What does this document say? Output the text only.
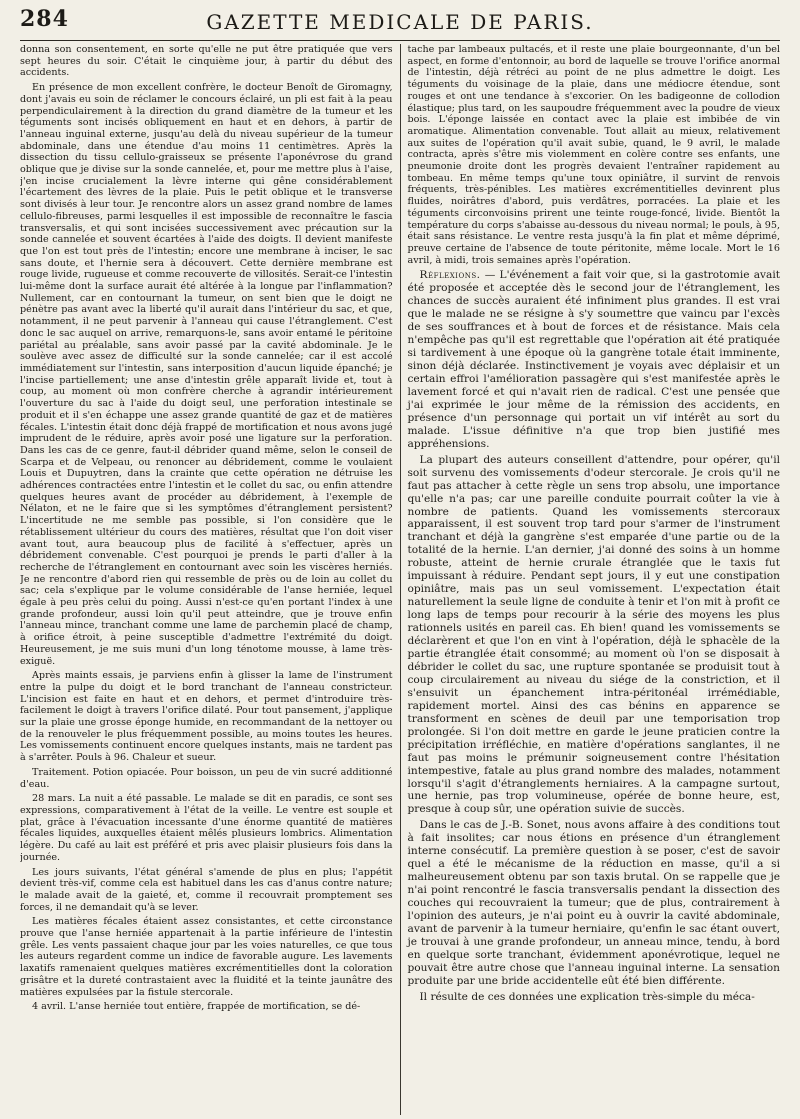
284	GAZETTE MEDICALE DE PARIS.

donna son consentement, en sorte qu'elle ne put être pratiquée que vers sept heures du soir. C'était le cinquième jour, à partir du début des accidents.

En présence de mon excellent confrère, le docteur Benoît de Giromagny, dont j'avais eu soin de réclamer le concours éclairé, un pli est fait à la peau perpendiculairement à la direction du grand diamètre de la tumeur et les téguments sont incisés obliquement en haut et en dehors, à partir de l'anneau inguinal externe, jusqu'au delà du niveau supérieur de la tumeur abdominale, dans une étendue d'au moins 11 centimètres. Après la dissection du tissu cellulo-graisseux se présente l'aponévrose du grand oblique que je divise sur la sonde cannelée, et, pour me mettre plus à l'aise, j'en incise crucialement la lèvre interne qui gêne considérablement l'écartement des lèvres de la plaie. Puis le petit oblique et le transverse sont divisés à leur tour. Je rencontre alors un assez grand nombre de lames cellulo-fibreuses, parmi lesquelles il est impossible de reconnaître le fascia transversalis, et qui sont incisées successivement avec précaution sur la sonde cannelée et souvent écartées à l'aide des doigts. Il devient manifeste que l'on est tout près de l'intestin; encore une membrane à inciser, le sac sans doute, et l'hernie sera à découvert. Cette dernière membrane est rouge livide, rugueuse et comme recouverte de villosités. Serait-ce l'intestin lui-même dont la surface aurait été altérée à la longue par l'inflammation? Nullement, car en contournant la tumeur, on sent bien que le doigt ne pénètre pas avant avec la liberté qu'il aurait dans l'intérieur du sac, et que, notamment, il ne peut parvenir à l'anneau qui cause l'étranglement. C'est donc le sac auquel on arrive, remarquons-le, sans avoir entamé le péritoine pariétal au préalable, sans avoir passé par la cavité abdominale. Je le soulève avec assez de difficulté sur la sonde cannelée; car il est accolé immédiatement sur l'intestin, sans interposition d'aucun liquide épanché; je l'incise partiellement; une anse d'intestin grêle apparaît livide et, tout à coup, au moment où mon confrère cherche à agrandir intérieurement l'ouverture du sac à l'aide du doigt seul, une perforation intestinale se produit et il s'en échappe une assez grande quantité de gaz et de matières fécales. L'intestin était donc déjà frappé de mortification et nous avons jugé imprudent de le réduire, après avoir posé une ligature sur la perforation. Dans les cas de ce genre, faut-il débrider quand même, selon le conseil de Scarpa et de Velpeau, ou renoncer au débridement, comme le voulaient Louis et Dupuytren, dans la crainte que cette opération ne détruise les adhérences contractées entre l'intestin et le collet du sac, ou enfin attendre quelques heures avant de procéder au débridement, à l'exemple de Nélaton, et ne le faire que si les symptômes d'étranglement persistent? L'incertitude ne me semble pas possible, si l'on considère que le rétablissement ultérieur du cours des matières, résultat que l'on doit viser avant tout, aura beaucoup plus de facilité à s'effectuer, après un débridement convenable. C'est pourquoi je prends le parti d'aller à la recherche de l'étranglement en contournant avec soin les viscères herniés. Je ne rencontre d'abord rien qui ressemble de près ou de loin au collet du sac; cela s'explique par le volume considérable de l'anse herniée, lequel égale à peu près celui du poing. Aussi n'est-ce qu'en portant l'index à une grande profondeur, aussi loin qu'il peut atteindre, que je trouve enfin l'anneau mince, tranchant comme une lame de parchemin placé de champ, à orifice étroit, à peine susceptible d'admettre l'extrémité du doigt. Heureusement, je me suis muni d'un long ténotome mousse, à lame très-exiguë.

Après maints essais, je parviens enfin à glisser la lame de l'instrument entre la pulpe du doigt et le bord tranchant de l'anneau constricteur. L'incision est faite en haut et en dehors, et permet d'introduire très-facilement le doigt à travers l'orifice dilaté. Pour tout pansement, j'applique sur la plaie une grosse éponge humide, en recommandant de la nettoyer ou de la renouveler le plus fréquemment possible, au moins toutes les heures. Les vomissements continuent encore quelques instants, mais ne tardent pas à s'arrêter. Pouls à 96. Chaleur et sueur.

Traitement. Potion opiacée. Pour boisson, un peu de vin sucré additionné d'eau.

28 mars. La nuit a été passable. Le malade se dit en paradis, ce sont ses expressions, comparativement à l'état de la veille. Le ventre est souple et plat, grâce à l'évacuation incessante d'une énorme quantité de matières fécales liquides, auxquelles étaient mêlés plusieurs lombrics. Alimentation légère. Du café au lait est préféré et pris avec plaisir plusieurs fois dans la journée.

Les jours suivants, l'état général s'amende de plus en plus; l'appétit devient très-vif, comme cela est habituel dans les cas d'anus contre nature; le malade avait de la gaieté, et, comme il recouvrait promptement ses forces, il ne demandait qu'à se lever.

Les matières fécales étaient assez consistantes, et cette circonstance prouve que l'anse herniée appartenait à la partie inférieure de l'intestin grêle. Les vents passaient chaque jour par les voies naturelles, ce que tous les auteurs regardent comme un indice de favorable augure. Les lavements laxatifs ramenaient quelques matières excrémentitielles dont la coloration grisâtre et la dureté contrastaient avec la fluidité et la teinte jaunâtre des matières expulsées par la fistule stercorale.

4 avril. L'anse herniée tout entière, frappée de mortification, se dé-

tache par lambeaux pultacés, et il reste une plaie bourgeonnante, d'un bel aspect, en forme d'entonnoir, au bord de laquelle se trouve l'orifice anormal de l'intestin, déjà rétréci au point de ne plus admettre le doigt. Les téguments du voisinage de la plaie, dans une médiocre étendue, sont rouges et ont une tendance à s'excorier. On les badigeonne de collodion élastique; plus tard, on les saupoudre fréquemment avec la poudre de vieux bois. L'éponge laissée en contact avec la plaie est imbibée de vin aromatique. Alimentation convenable. Tout allait au mieux, relativement aux suites de l'opération qu'il avait subie, quand, le 9 avril, le malade contracta, après s'être mis violemment en colère contre ses enfants, une pneumonie droite dont les progrès devaient l'entraîner rapidement au tombeau. En même temps qu'une toux opiniâtre, il survint de renvois fréquents, très-pénibles. Les matières excrémentitielles devinrent plus fluides, noirâtres d'abord, puis verdâtres, porracées. La plaie et les téguments circonvoisins prirent une teinte rouge-foncé, livide. Bientôt la température du corps s'abaisse au-dessous du niveau normal; le pouls, à 95, était sans résistance. Le ventre resta jusqu'à la fin plat et même déprimé, preuve certaine de l'absence de toute péritonite, même locale. Mort le 16 avril, à midi, trois semaines après l'opération.

Réflexions. — L'événement a fait voir que, si la gastrotomie avait été proposée et acceptée dès le second jour de l'étranglement, les chances de succès auraient été infiniment plus grandes. Il est vrai que le malade ne se résigne à s'y soumettre que vaincu par l'excès de ses souffrances et à bout de forces et de résistance. Mais cela n'empêche pas qu'il est regrettable que l'opération ait été pratiquée si tardivement à une époque où la gangrène totale était imminente, sinon déjà déclarée. Instinctivement je voyais avec déplaisir et un certain effroi l'amélioration passagère qui s'est manifestée après le lavement forcé et qui n'avait rien de radical. C'est une pensée que j'ai exprimée le jour même de la rémission des accidents, en présence d'un personnage qui portait un vif intérêt au sort du malade. L'issue définitive n'a que trop bien justifié mes appréhensions.

La plupart des auteurs conseillent d'attendre, pour opérer, qu'il soit survenu des vomissements d'odeur stercorale. Je crois qu'il ne faut pas attacher à cette règle un sens trop absolu, une importance qu'elle n'a pas; car une pareille conduite pourrait coûter la vie à nombre de patients. Quand les vomissements stercoraux apparaissent, il est souvent trop tard pour s'armer de l'instrument tranchant et déjà la gangrène s'est emparée d'une partie ou de la totalité de la hernie. L'an dernier, j'ai donné des soins à un homme robuste, atteint de hernie crurale étranglée que le taxis fut impuissant à réduire. Pendant sept jours, il y eut une constipation opiniâtre, mais pas un seul vomissement. L'expectation était naturellement la seule ligne de conduite à tenir et l'on mit à profit ce long laps de temps pour recourir à la série des moyens les plus rationnels usités en pareil cas. Eh bien! quand les vomissements se déclarèrent et que l'on en vint à l'opération, déjà le sphacèle de la partie étranglée était consommé; au moment où l'on se disposait à débrider le collet du sac, une rupture spontanée se produisit tout à coup circulairement au niveau du siége de la constriction, et il s'ensuivit un épanchement intra-péritonéal irrémédiable, rapidement mortel. Ainsi des cas bénins en apparence se transforment en scènes de deuil par une temporisation trop prolongée. Si l'on doit mettre en garde le jeune praticien contre la précipitation irréfléchie, en matière d'opérations sanglantes, il ne faut pas moins le prémunir soigneusement contre l'hésitation intempestive, fatale au plus grand nombre des malades, notamment lorsqu'il s'agit d'étranglements herniaires. A la campagne surtout, une hernie, pas trop volumineuse, opérée de bonne heure, est, presque à coup sûr, une opération suivie de succès.

Dans le cas de J.-B. Sonet, nous avons affaire à des conditions tout à fait insolites; car nous étions en présence d'un étranglement interne consécutif. La première question à se poser, c'est de savoir quel a été le mécanisme de la réduction en masse, qu'il a si malheureusement obtenu par son taxis brutal. On se rappelle que je n'ai point rencontré le fascia transversalis pendant la dissection des couches qui recouvraient la tumeur; que de plus, contrairement à l'opinion des auteurs, je n'ai point eu à ouvrir la cavité abdominale, avant de parvenir à la tumeur herniaire, qu'enfin le sac étant ouvert, je trouvai à une grande profondeur, un anneau mince, tendu, à bord en quelque sorte tranchant, évidemment aponévrotique, lequel ne pouvait être autre chose que l'anneau inguinal interne. La sensation produite par une bride accidentelle eût été bien différente.

Il résulte de ces données une explication très-simple du méca-
